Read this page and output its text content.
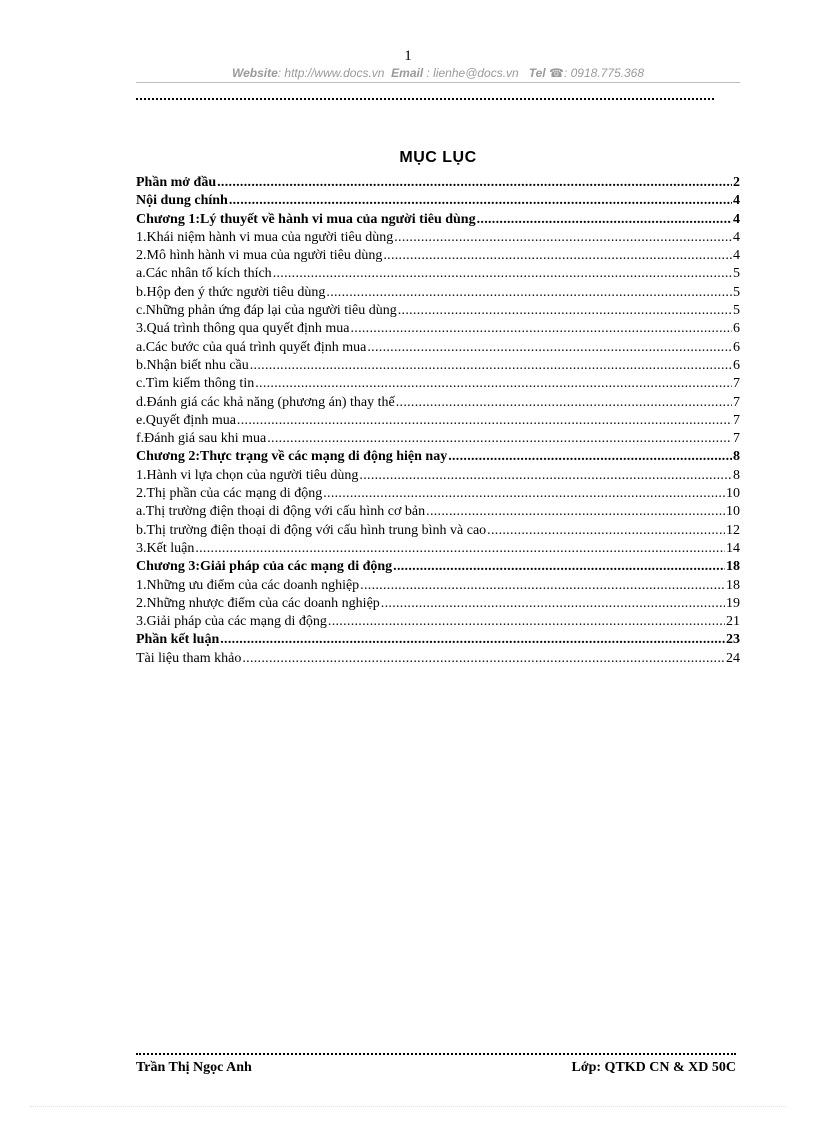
1
Website: http://www.docs.vn Email : lienhe@docs.vn Tel ☎: 0918.775.368
MỤC LỤC
Phần mở đầu .....	2
Nội dung chính .....	4
Chương 1:Lý thuyết về hành vi mua của người tiêu dùng .....	4
1.Khái niệm hành vi mua của người tiêu dùng .....	4
2.Mô hình hành vi mua của người tiêu dùng .....	4
a.Các nhân tố kích thích .....	5
b.Hộp đen ý thức người tiêu dùng .....	5
c.Những phản ứng đáp lại của người tiêu dùng .....	5
3.Quá trình thông qua quyết định mua .....	6
a.Các bước của quá trình quyết định mua .....	6
b.Nhận biết nhu cầu .....	6
c.Tìm kiếm thông tin .....	7
d.Đánh giá các khả năng (phương án) thay thế .....	7
e.Quyết định mua .....	7
f.Đánh giá sau khi mua .....	7
Chương 2:Thực trạng về các mạng di động hiện nay .....	8
1.Hành vi lựa chọn của người tiêu dùng .....	8
2.Thị phần của các mạng di động .....	10
a.Thị trường điện thoại di động với cấu hình cơ bản .....	10
b.Thị trường điện thoại di động với cấu hình trung bình và cao .....	12
3.Kết luận .....	14
Chương 3:Giải pháp của các mạng di động .....	18
1.Những ưu điểm của các doanh nghiệp .....	18
2.Những nhược điểm của các doanh nghiệp .....	19
3.Giải pháp của các mạng di động .....	21
Phần kết luận .....	23
Tài liệu tham khảo .....	24
Trần Thị Ngọc Anh	Lớp: QTKD CN & XD 50C
